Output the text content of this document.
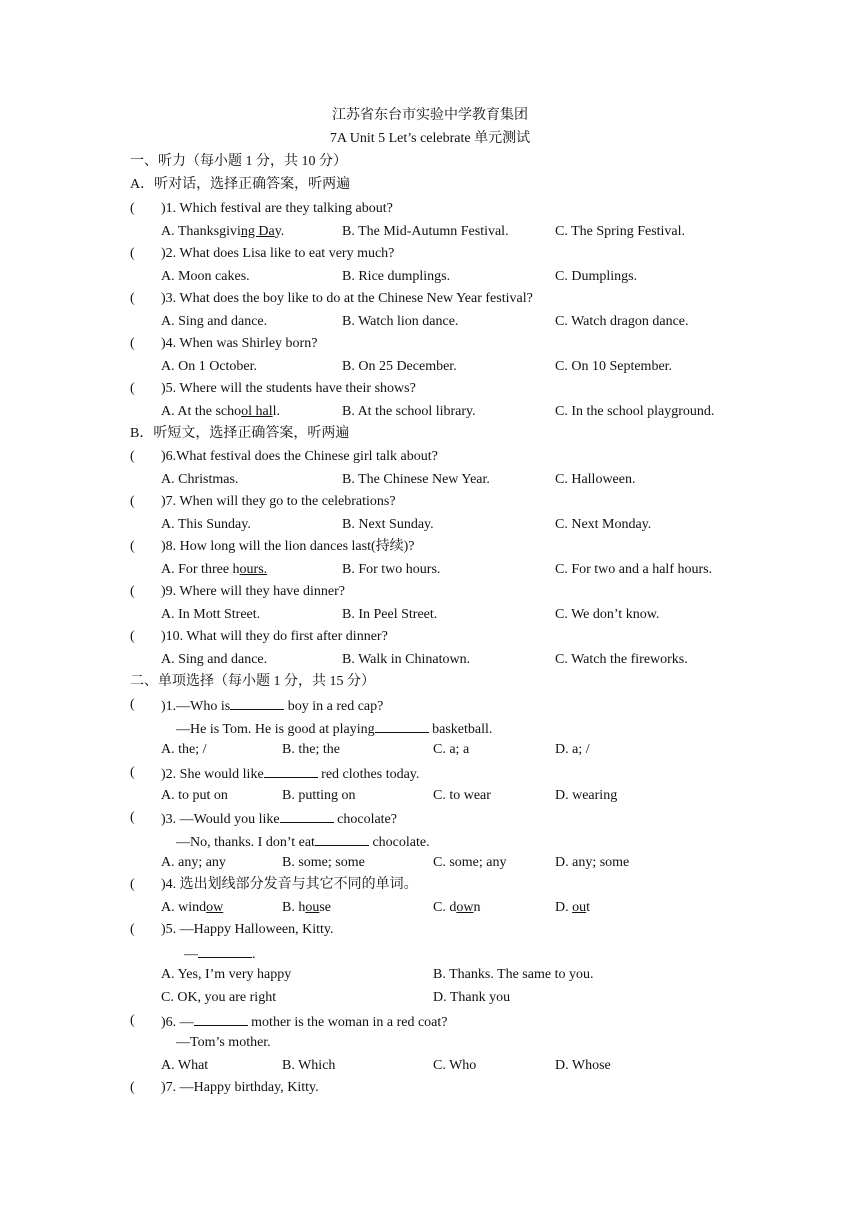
江苏省东台市实验中学教育集团
7A Unit 5 Let’s celebrate 单元测试
一、听力（每小题 1 分，共 10 分）
A．听对话，选择正确答案，听两遍
( )1. Which festival are they talking about?
A. Thanksgiving Day.	B. The Mid-Autumn Festival.	C. The Spring Festival.
( )2. What does Lisa like to eat very much?
A. Moon cakes.	B. Rice dumplings.	C. Dumplings.
( )3. What does the boy like to do at the Chinese New Year festival?
A. Sing and dance.	B. Watch lion dance.	C. Watch dragon dance.
( )4. When was Shirley born?
A. On 1 October.	B. On 25 December.	C. On 10 September.
( )5. Where will the students have their shows?
A. At the school hall.	B. At the school library.	C. In the school playground.
B．听短文，选择正确答案，听两遍
( )6.What festival does the Chinese girl talk about?
A. Christmas.	B. The Chinese New Year.	C. Halloween.
( )7. When will they go to the celebrations?
A. This Sunday.	B. Next Sunday.	C. Next Monday.
( )8. How long will the lion dances last(持续)?
A. For three hours.	B. For two hours.	C. For two and a half hours.
( )9. Where will they have dinner?
A. In Mott Street.	B. In Peel Street.	C. We don’t know.
( )10. What will they do first after dinner?
A. Sing and dance.	B. Walk in Chinatown.	C. Watch the fireworks.
二、单项选择（每小题 1 分，共 15 分）
( )1.—Who is	boy in a red cap?
—He is Tom. He is good at playing	basketball.
A. the; /	B. the; the	C. a; a	D. a; /
( )2. She would like	red clothes today.
A. to put on	B. putting on	C. to wear	D. wearing
( )3. —Would you like	chocolate?
—No, thanks. I don’t eat	chocolate.
A. any; any	B. some; some	C. some; any	D. any; some
( )4. 选出划线部分发音与其它不同的单词。
A. window	B. house	C. down	D. out
( )5. —Happy Halloween, Kitty.
—	.
A. Yes, I’m very happy	B. Thanks. The same to you.
C. OK, you are right	D. Thank you
( )6. —	mother is the woman in a red coat?
—Tom’s mother.
A. What	B. Which	C. Who	D. Whose
( )7. —Happy birthday, Kitty.
